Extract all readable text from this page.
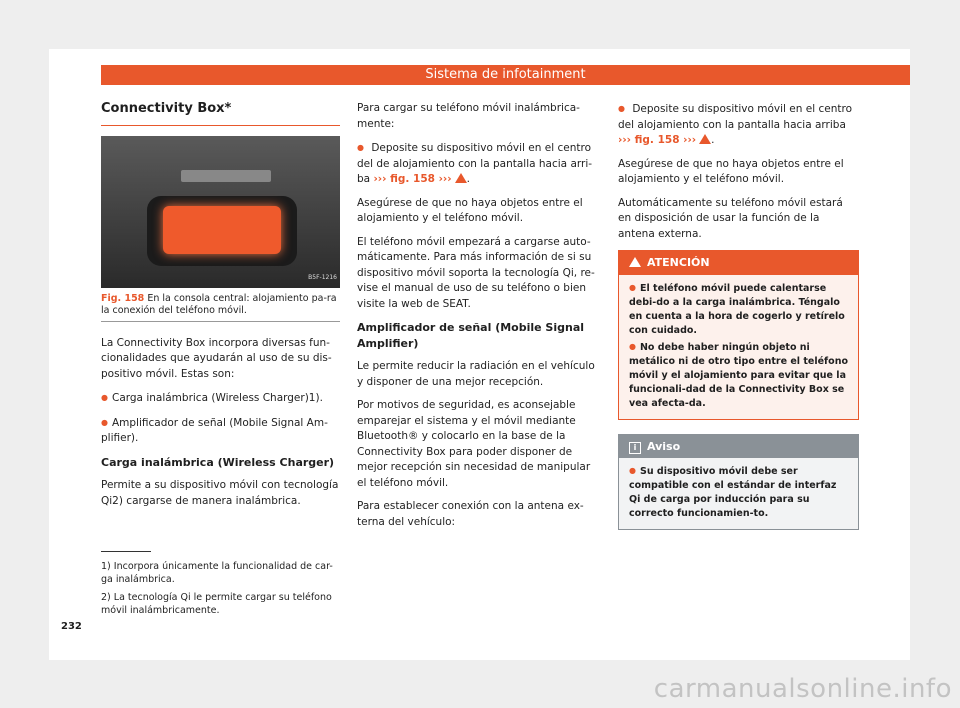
Sistema de infotainment
Connectivity Box*
B5F-1216
Fig. 158 En la consola central: alojamiento pa-ra la conexión del teléfono móvil.

La Connectivity Box incorpora diversas fun-cionalidades que ayudarán al uso de su dis-positivo móvil. Estas son:

● Carga inalámbrica (Wireless Charger)1).

● Amplificador de señal (Mobile Signal Am-plifier).

Carga inalámbrica (Wireless Charger)

Permite a su dispositivo móvil con tecnología Qi2) cargarse de manera inalámbrica.

Para cargar su teléfono móvil inalámbrica-mente:

● Deposite su dispositivo móvil en el centro del de alojamiento con la pantalla hacia arri-ba ››› fig. 158 ››› .

Asegúrese de que no haya objetos entre el alojamiento y el teléfono móvil.

El teléfono móvil empezará a cargarse auto-máticamente. Para más información de si su dispositivo móvil soporta la tecnología Qi, re-vise el manual de uso de su teléfono o bien visite la web de SEAT.

Amplificador de señal (Mobile Signal Amplifier)

Le permite reducir la radiación en el vehículo y disponer de una mejor recepción.

Por motivos de seguridad, es aconsejable emparejar el sistema y el móvil mediante Bluetooth® y colocarlo en la base de la Connectivity Box para poder disponer de mejor recepción sin necesidad de manipular el teléfono móvil.

Para establecer conexión con la antena ex-terna del vehículo:

● Deposite su dispositivo móvil en el centro del alojamiento con la pantalla hacia arriba ››› fig. 158 ››› .

Asegúrese de que no haya objetos entre el alojamiento y el teléfono móvil.

Automáticamente su teléfono móvil estará en disposición de usar la función de la antena externa.

ATENCIÓN

● El teléfono móvil puede calentarse debi-do a la carga inalámbrica. Téngalo en cuenta a la hora de cogerlo y retírelo con cuidado.

● No debe haber ningún objeto ni metálico ni de otro tipo entre el teléfono móvil y el alojamiento para evitar que la funcionali-dad de la Connectivity Box se vea afecta-da.

i Aviso

● Su dispositivo móvil debe ser compatible con el estándar de interfaz Qi de carga por inducción para su correcto funcionamien-to.

1) Incorpora únicamente la funcionalidad de car-ga inalámbrica.

2) La tecnología Qi le permite cargar su teléfono móvil inalámbricamente.

232
carmanualsonline.info
